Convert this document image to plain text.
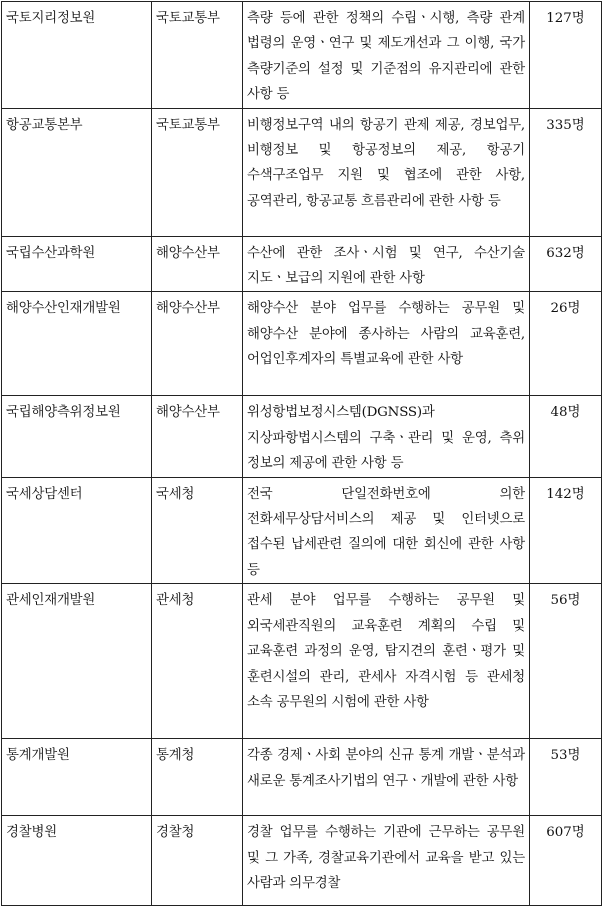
국토지리정보원	국토교통부	측량 등에 관한 정책의 수립ㆍ시행, 측량 관계 법령의 운영ㆍ연구 및 제도개선과 그 이행, 국가 측량기준의 설정 및 기준점의 유지관리에 관한 사항 등	127명
항공교통본부	국토교통부	비행정보구역 내의 항공기 관제 제공, 경보업무, 비행정보 및 항공정보의 제공, 항공기 수색구조업무 지원 및 협조에 관한 사항, 공역관리, 항공교통 흐름관리에 관한 사항 등	335명
국립수산과학원	해양수산부	수산에 관한 조사ㆍ시험 및 연구, 수산기술 지도ㆍ보급의 지원에 관한 사항	632명
해양수산인재개발원	해양수산부	해양수산 분야 업무를 수행하는 공무원 및 해양수산 분야에 종사하는 사람의 교육훈련, 어업인후계자의 특별교육에 관한 사항	26명
국립해양측위정보원	해양수산부	위성항법보정시스템(DGNSS)과 지상파항법시스템의 구축ㆍ관리 및 운영, 측위 정보의 제공에 관한 사항 등	48명
국세상담센터	국세청	전국 단일전화번호에 의한 전화세무상담서비스의 제공 및 인터넷으로 접수된 납세관련 질의에 대한 회신에 관한 사항 등	142명
관세인재개발원	관세청	관세 분야 업무를 수행하는 공무원 및 외국세관직원의 교육훈련 계획의 수립 및 교육훈련 과정의 운영, 탐지견의 훈련ㆍ평가 및 훈련시설의 관리, 관세사 자격시험 등 관세청 소속 공무원의 시험에 관한 사항	56명
통계개발원	통계청	각종 경제ㆍ사회 분야의 신규 통계 개발ㆍ분석과 새로운 통계조사기법의 연구ㆍ개발에 관한 사항	53명
경찰병원	경찰청	경찰 업무를 수행하는 기관에 근무하는 공무원 및 그 가족, 경찰교육기관에서 교육을 받고 있는 사람과 의무경찰	607명
